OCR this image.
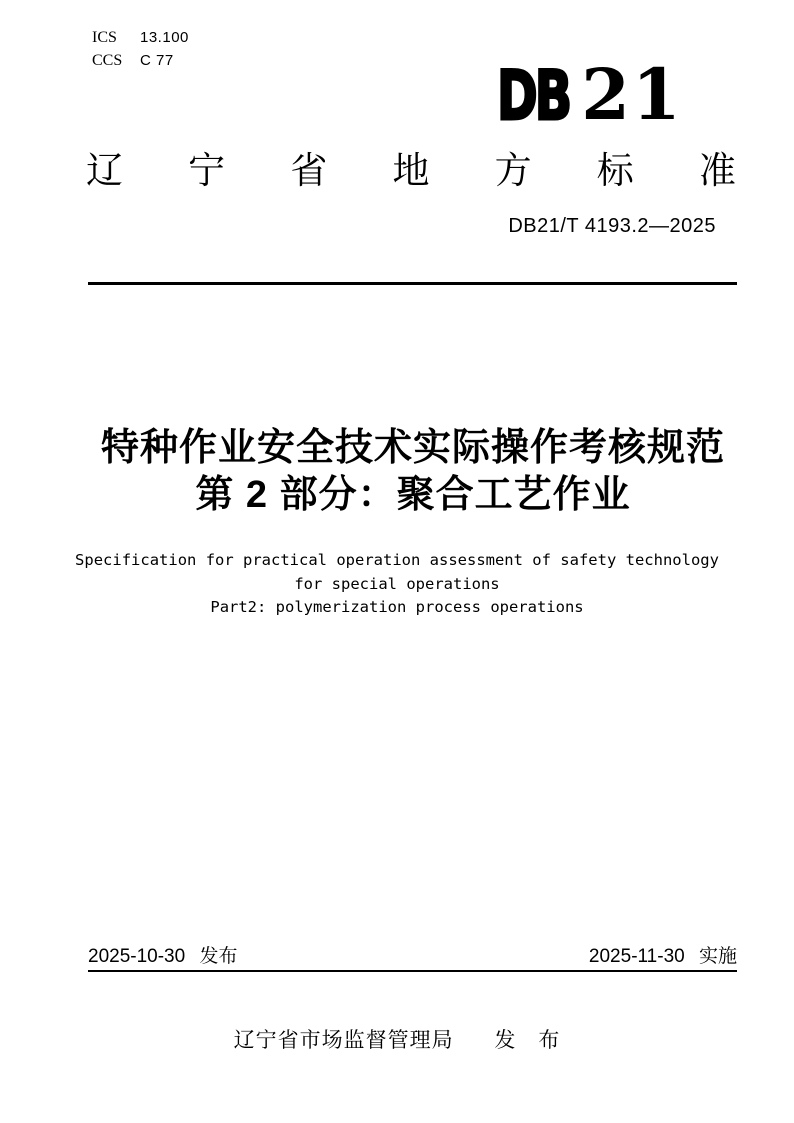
ICS	13.100
CCS	C 77	DB 21
辽 宁 省 地 方 标 准
DB21/T 4193.2—2025
特种作业安全技术实际操作考核规范
第 2 部分：聚合工艺作业
Specification for practical operation assessment of safety technology
for special operations
Part2: polymerization process operations
2025-10-30 发布	2025-11-30 实施
辽宁省市场监督管理局 发　布
